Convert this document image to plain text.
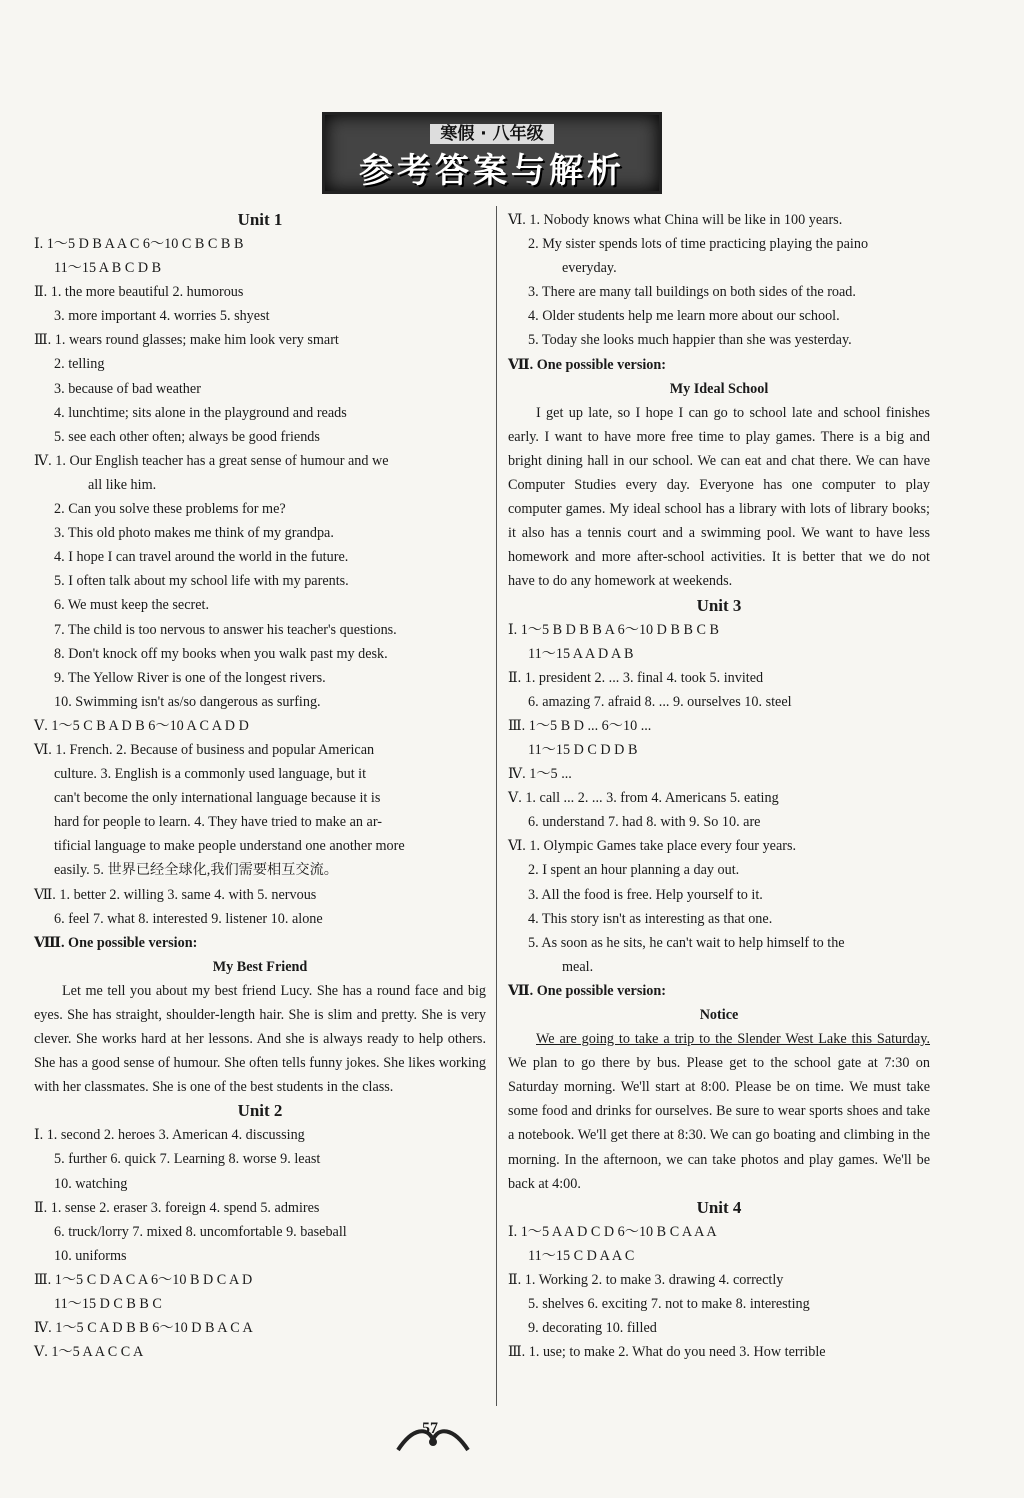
寒假 · 八年级
参考答案与解析
Unit 1
Ⅰ. 1～5 D B A A C 6～10 C B C B B
11～15 A B C D B
Ⅱ. 1. the more beautiful 2. humorous
3. more important 4. worries 5. shyest
Ⅲ. 1. wears round glasses; make him look very smart
2. telling
3. because of bad weather
4. lunchtime; sits alone in the playground and reads
5. see each other often; always be good friends
Ⅳ. 1. Our English teacher has a great sense of humour and we
all like him.
2. Can you solve these problems for me?
3. This old photo makes me think of my grandpa.
4. I hope I can travel around the world in the future.
5. I often talk about my school life with my parents.
6. We must keep the secret.
7. The child is too nervous to answer his teacher's questions.
8. Don't knock off my books when you walk past my desk.
9. The Yellow River is one of the longest rivers.
10. Swimming isn't as/so dangerous as surfing.
Ⅴ. 1～5 C B A D B 6～10 A C A D D
Ⅵ. 1. French. 2. Because of business and popular American
culture. 3. English is a commonly used language, but it
can't become the only international language because it is
hard for people to learn. 4. They have tried to make an ar-
tificial language to make people understand one another more
easily. 5. 世界已经全球化,我们需要相互交流。
Ⅶ. 1. better 2. willing 3. same 4. with 5. nervous
6. feel 7. what 8. interested 9. listener 10. alone
Ⅷ. One possible version:
My Best Friend
Let me tell you about my best friend Lucy. She has a round face and big eyes. She has straight, shoulder-length hair. She is slim and pretty. She is very clever. She works hard at her lessons. And she is always ready to help others. She has a good sense of humour. She often tells funny jokes. She likes working with her classmates. She is one of the best students in the class.
Unit 2
Ⅰ. 1. second 2. heroes 3. American 4. discussing
5. further 6. quick 7. Learning 8. worse 9. least
10. watching
Ⅱ. 1. sense 2. eraser 3. foreign 4. spend 5. admires
6. truck/lorry 7. mixed 8. uncomfortable 9. baseball
10. uniforms
Ⅲ. 1～5 C D A C A 6～10 B D C A D
11～15 D C B B C
Ⅳ. 1～5 C A D B B 6～10 D B A C A
Ⅴ. 1～5 A A C C A
Ⅵ. 1. Nobody knows what China will be like in 100 years.
2. My sister spends lots of time practicing playing the paino
everyday.
3. There are many tall buildings on both sides of the road.
4. Older students help me learn more about our school.
5. Today she looks much happier than she was yesterday.
Ⅶ. One possible version:
My Ideal School
I get up late, so I hope I can go to school late and school finishes early. I want to have more free time to play games. There is a big and bright dining hall in our school. We can eat and chat there. We can have Computer Studies every day. Everyone has one computer to play computer games. My ideal school has a library with lots of library books; it also has a tennis court and a swimming pool. We want to have less homework and more after-school activities. It is better that we do not have to do any homework at weekends.
Unit 3
Ⅰ. 1～5 B D B B A 6～10 D B B C B
11～15 A A D A B
Ⅱ. 1. president 2. ... 3. final 4. took 5. invited
6. amazing 7. afraid 8. ... 9. ourselves 10. steel
Ⅲ. 1～5 B D ... 6～10 ...
11～15 D C D D B
Ⅳ. 1～5 ...
Ⅴ. 1. call ... 2. ... 3. from 4. Americans 5. eating
6. understand 7. had 8. with 9. So 10. are
Ⅵ. 1. Olympic Games take place every four years.
2. I spent an hour planning a day out.
3. All the food is free. Help yourself to it.
4. This story isn't as interesting as that one.
5. As soon as he sits, he can't wait to help himself to the
meal.
Ⅶ. One possible version:
Notice
We are going to take a trip to the Slender West Lake this Saturday. We plan to go there by bus. Please get to the school gate at 7:30 on Saturday morning. We'll start at 8:00. Please be on time. We must take some food and drinks for ourselves. Be sure to wear sports shoes and take a notebook. We'll get there at 8:30. We can go boating and climbing in the morning. In the afternoon, we can take photos and play games. We'll be back at 4:00.
Unit 4
Ⅰ. 1～5 A A D C D 6～10 B C A A A
11～15 C D A A C
Ⅱ. 1. Working 2. to make 3. drawing 4. correctly
5. shelves 6. exciting 7. not to make 8. interesting
9. decorating 10. filled
Ⅲ. 1. use; to make 2. What do you need 3. How terrible
57
